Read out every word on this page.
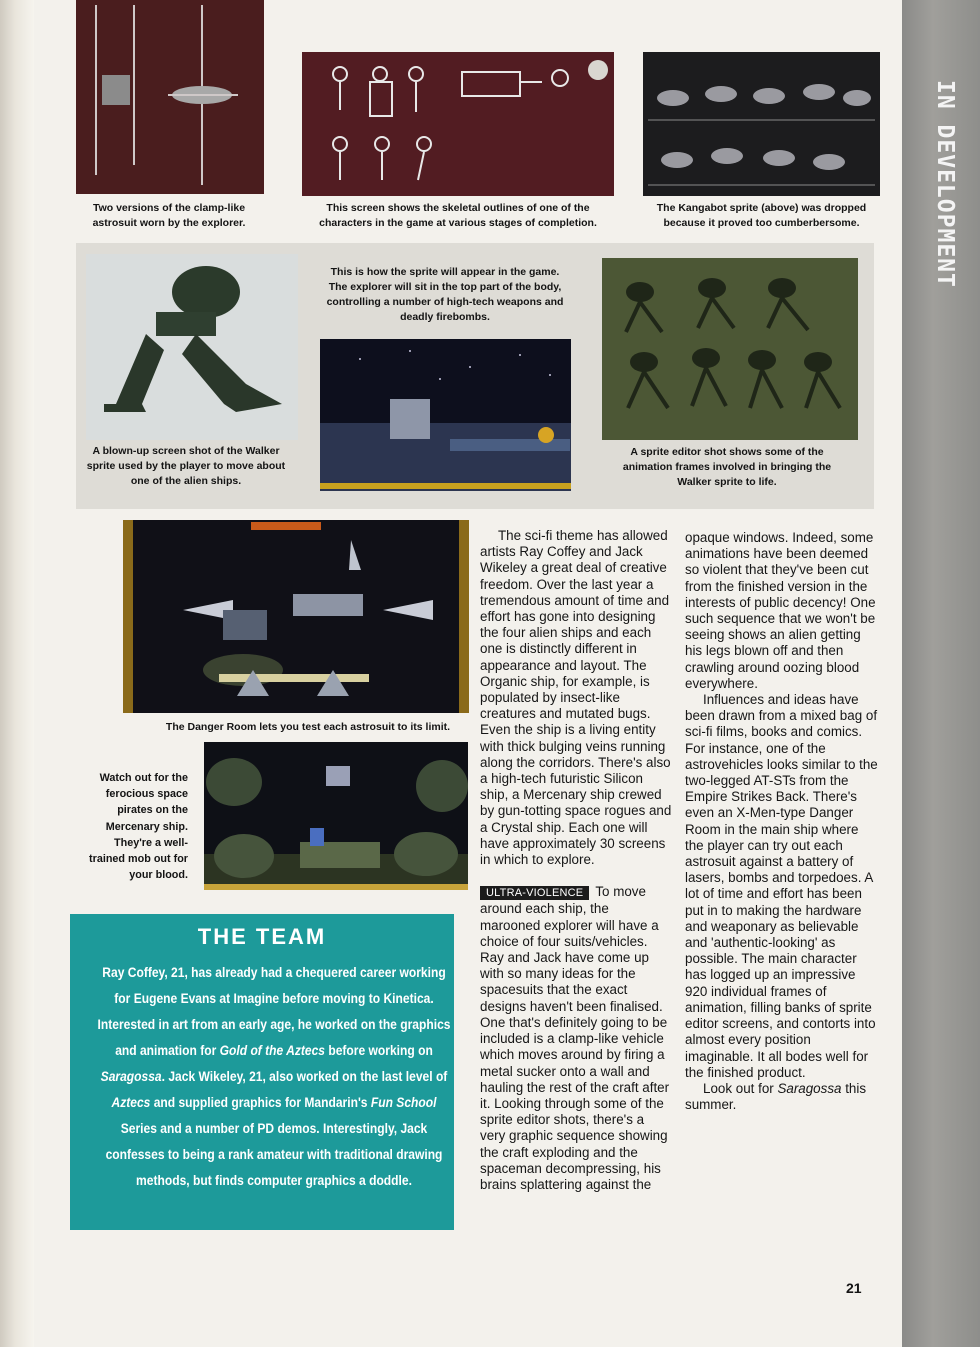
IN DEVELOPMENT
Two versions of the clamp-like astrosuit worn by the explorer.
This screen shows the skeletal outlines of one of the characters in the game at various stages of completion.
The Kangabot sprite (above) was dropped because it proved too cumberbersome.
A blown-up screen shot of the Walker sprite used by the player to move about one of the alien ships.
This is how the sprite will appear in the game. The explorer will sit in the top part of the body, controlling a number of high-tech weapons and deadly firebombs.
A sprite editor shot shows some of the animation frames involved in bringing the Walker sprite to life.
The Danger Room lets you test each astrosuit to its limit.
Watch out for the ferocious space pirates on the Mercenary ship. They're a well-trained mob out for your blood.
THE TEAM
Ray Coffey, 21, has already had a chequered career working for Eugene Evans at Imagine before moving to Kinetica. Interested in art from an early age, he worked on the graphics and animation for Gold of the Aztecs before working on Saragossa. Jack Wikeley, 21, also worked on the last level of Aztecs and supplied graphics for Mandarin's Fun School Series and a number of PD demos. Interestingly, Jack confesses to being a rank amateur with traditional drawing methods, but finds computer graphics a doddle.

The sci-fi theme has allowed artists Ray Coffey and Jack Wikeley a great deal of creative freedom. Over the last year a tremendous amount of time and effort has gone into designing the four alien ships and each one is distinctly different in appearance and layout. The Organic ship, for example, is populated by insect-like creatures and mutated bugs. Even the ship is a living entity with thick bulging veins running along the corridors. There's also a high-tech futuristic Silicon ship, a Mercenary ship crewed by gun-totting space rogues and a Crystal ship. Each one will have approximately 30 screens in which to explore.

ULTRA-VIOLENCE To move around each ship, the marooned explorer will have a choice of four suits/vehicles. Ray and Jack have come up with so many ideas for the spacesuits that the exact designs haven't been finalised. One that's definitely going to be included is a clamp-like vehicle which moves around by firing a metal sucker onto a wall and hauling the rest of the craft after it. Looking through some of the sprite editor shots, there's a very graphic sequence showing the craft exploding and the spaceman decompressing, his brains splattering against the

opaque windows. Indeed, some animations have been deemed so violent that they've been cut from the finished version in the interests of public decency! One such sequence that we won't be seeing shows an alien getting his legs blown off and then crawling around oozing blood everywhere.

Influences and ideas have been drawn from a mixed bag of sci-fi films, books and comics. For instance, one of the astrovehicles looks similar to the two-legged AT-STs from the Empire Strikes Back. There's even an X-Men-type Danger Room in the main ship where the player can try out each astrosuit against a battery of lasers, bombs and torpedoes. A lot of time and effort has been put in to making the hardware and weaponary as believable and 'authentic-looking' as possible. The main character has logged up an impressive 920 individual frames of animation, filling banks of sprite editor screens, and contorts into almost every position imaginable. It all bodes well for the finished product.

Look out for Saragossa this summer.

21
